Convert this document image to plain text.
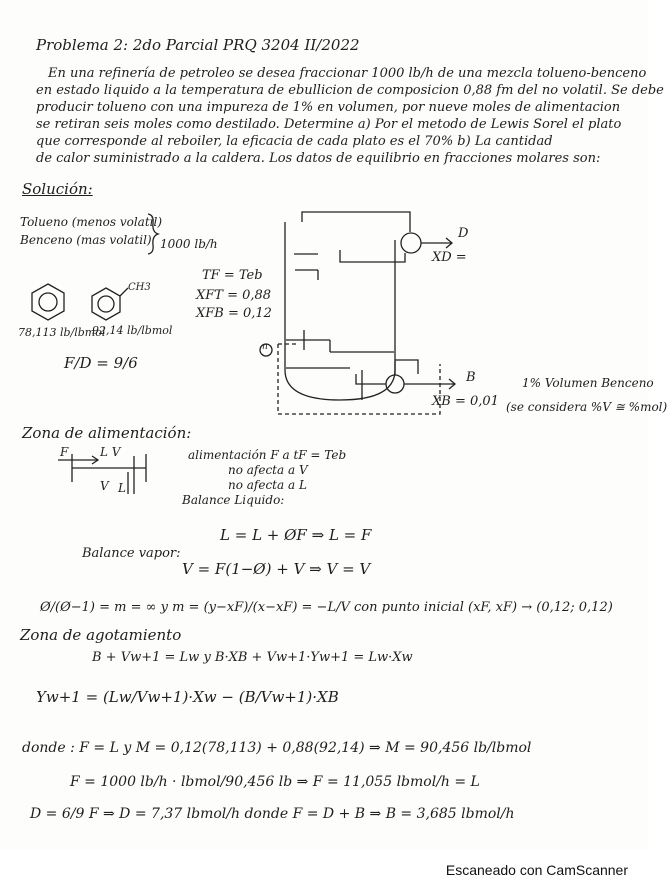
Problema 2: 2do Parcial PRQ 3204 II/2022
En una refinería de petroleo se desea fraccionar 1000 lb/h de una mezcla tolueno-benceno
en estado liquido a la temperatura de ebullicion de composicion 0,88 fm del no volatil. Se debe
producir tolueno con una impureza de 1% en volumen, por nueve moles de alimentacion
se retiran seis moles como destilado. Determine a) Por el metodo de Lewis Sorel el plato
que corresponde al reboiler, la eficacia de cada plato es el 70% b) La cantidad
de calor suministrado a la caldera. Los datos de equilibrio en fracciones molares son:
Solución:
Tolueno (menos volatil)
Benceno (mas volatil) 1000 lb/h
CH3
78,113 lb/lbmol
92,14 lb/lbmol
F/D = 9/6
TF = Teb
XFT = 0,88
XFB = 0,12
n
D
XD =
B
XB = 0,01
1% Volumen Benceno
(se considera %V ≅ %mol)
Zona de alimentación:
F	L V
V L
alimentación F a tF = Teb
no afecta a V
no afecta a L
Balance Liquido:
L = L + ØF ⇒ L = F
Balance vapor:
V = F(1−Ø) + V ⇒ V = V
Ø/(Ø−1) = m = ∞ y m = (y−xF)/(x−xF) = −L/V con punto inicial (xF, xF) → (0,12; 0,12)
Zona de agotamiento
B + Vw+1 = Lw y B·XB + Vw+1·Yw+1 = Lw·Xw
Yw+1 = (Lw/Vw+1)·Xw − (B/Vw+1)·XB
donde : F = L y M = 0,12(78,113) + 0,88(92,14) ⇒ M = 90,456 lb/lbmol
F = 1000 lb/h · lbmol/90,456 lb ⇒ F = 11,055 lbmol/h = L
D = 6/9 F ⇒ D = 7,37 lbmol/h donde F = D + B ⇒ B = 3,685 lbmol/h
Escaneado con CamScanner
